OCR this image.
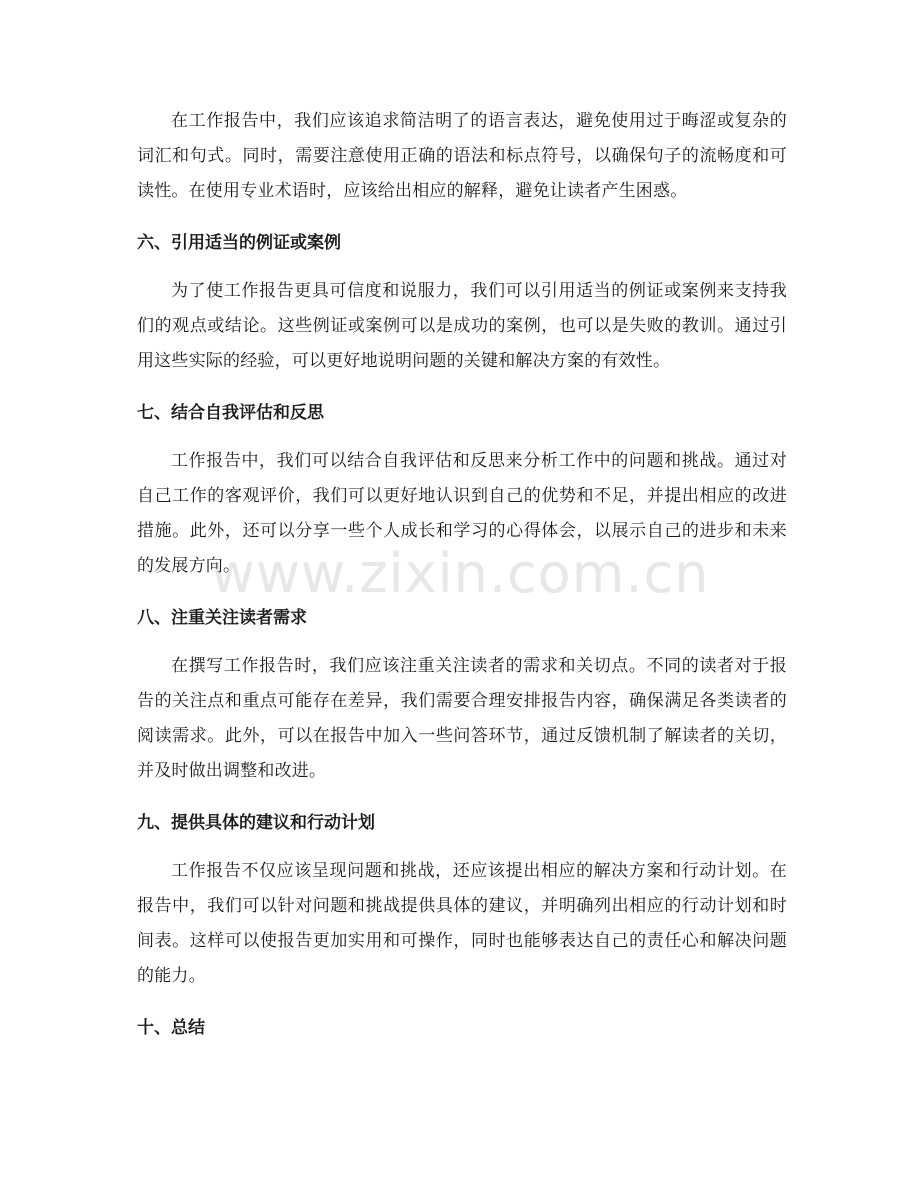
在工作报告中，我们应该追求简洁明了的语言表达，避免使用过于晦涩或复杂的词汇和句式。同时，需要注意使用正确的语法和标点符号，以确保句子的流畅度和可读性。在使用专业术语时，应该给出相应的解释，避免让读者产生困惑。

六、引用适当的例证或案例

为了使工作报告更具可信度和说服力，我们可以引用适当的例证或案例来支持我们的观点或结论。这些例证或案例可以是成功的案例，也可以是失败的教训。通过引用这些实际的经验，可以更好地说明问题的关键和解决方案的有效性。

七、结合自我评估和反思

工作报告中，我们可以结合自我评估和反思来分析工作中的问题和挑战。通过对自己工作的客观评价，我们可以更好地认识到自己的优势和不足，并提出相应的改进措施。此外，还可以分享一些个人成长和学习的心得体会，以展示自己的进步和未来的发展方向。

八、注重关注读者需求

在撰写工作报告时，我们应该注重关注读者的需求和关切点。不同的读者对于报告的关注点和重点可能存在差异，我们需要合理安排报告内容，确保满足各类读者的阅读需求。此外，可以在报告中加入一些问答环节，通过反馈机制了解读者的关切，并及时做出调整和改进。

九、提供具体的建议和行动计划

工作报告不仅应该呈现问题和挑战，还应该提出相应的解决方案和行动计划。在报告中，我们可以针对问题和挑战提供具体的建议，并明确列出相应的行动计划和时间表。这样可以使报告更加实用和可操作，同时也能够表达自己的责任心和解决问题的能力。

十、总结
www.zixin.com.cn
